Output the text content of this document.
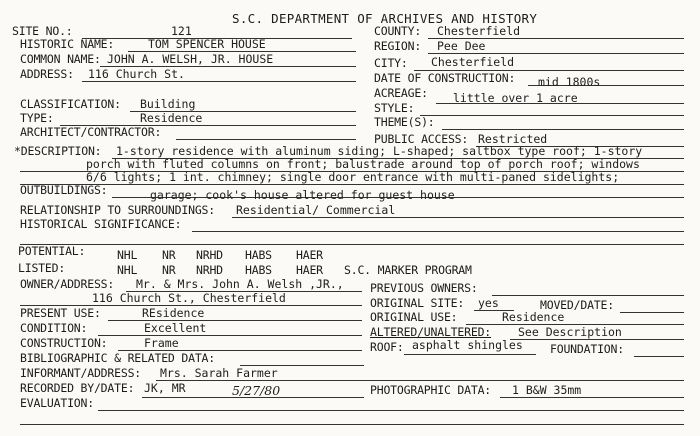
S.C. DEPARTMENT OF ARCHIVES AND HISTORY
SITE NO.:	121
HISTORIC NAME:	TOM SPENCER HOUSE
COMMON NAME: JOHN A. WELSH, JR. HOUSE
ADDRESS: 116 Church St.
CLASSIFICATION: Building
TYPE:	Residence
ARCHITECT/CONTRACTOR:
COUNTY: Chesterfield
REGION: Pee Dee
CITY: Chesterfield
DATE OF CONSTRUCTION: mid 1800s
ACREAGE: little over 1 acre
STYLE:
THEME(S):
PUBLIC ACCESS: Restricted
*DESCRIPTION: 1-story residence with aluminum siding; L-shaped; saltbox type roof; 1-story
porch with fluted columns on front; balustrade around top of porch roof; windows
6/6 lights; 1 int. chimney; single door entrance with multi-paned sidelights;
OUTBUILDINGS:	garage; cook's house altered for guest house
RELATIONSHIP TO SURROUNDINGS: Residential/ Commercial
HISTORICAL SIGNIFICANCE:
POTENTIAL:	NHL NR NRHD HABS HAER
LISTED:	NHL NR NRHD HABS HAER S.C. MARKER PROGRAM
OWNER/ADDRESS: Mr. & Mrs. John A. Welsh ,JR.,
116 Church St., Chesterfield
PREVIOUS OWNERS:
ORIGINAL SITE: yes	MOVED/DATE:
ORIGINAL USE:	Residence
ALTERED/UNALTERED: See Description
ROOF: asphalt shingles FOUNDATION:
PRESENT USE:	REsidence
CONDITION:	Excellent
CONSTRUCTION:	Frame
BIBLIOGRAPHIC & RELATED DATA:
INFORMANT/ADDRESS: Mrs. Sarah Farmer
RECORDED BY/DATE: JK, MR	5/27/80	PHOTOGRAPHIC DATA: 1 B&W 35mm
EVALUATION:
